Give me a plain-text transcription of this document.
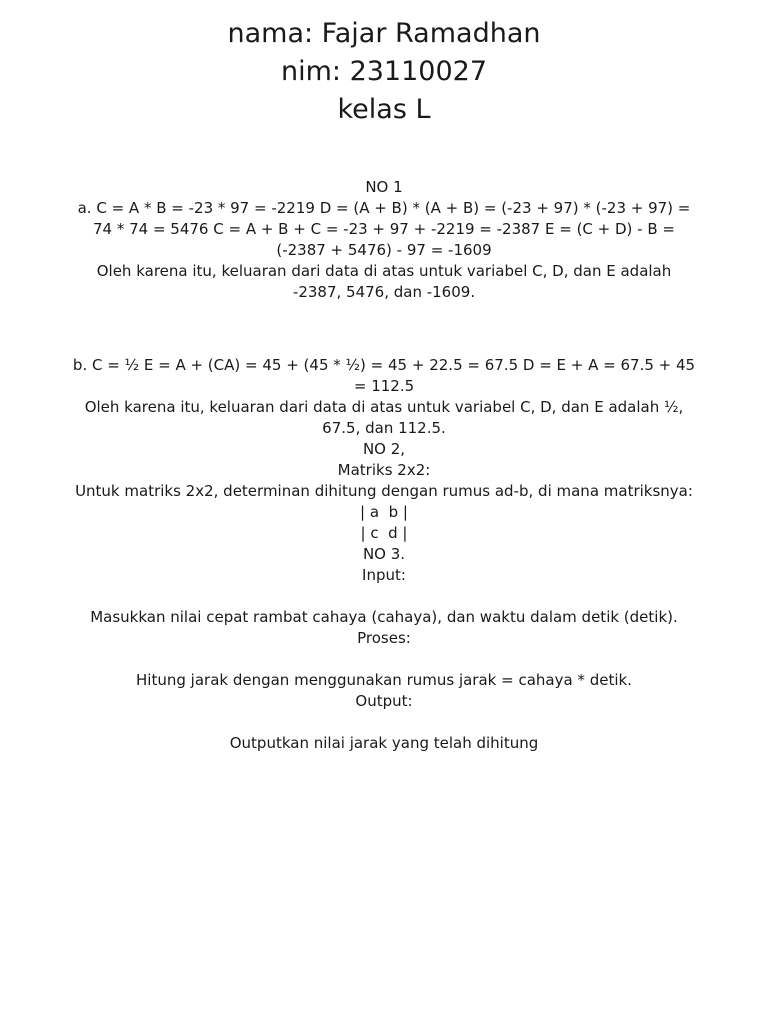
nama: Fajar Ramadhan
nim: 23110027
kelas L
NO 1
a. C = A * B = -23 * 97 = -2219 D = (A + B) * (A + B) = (-23 + 97) * (-23 + 97) = 74 * 74 = 5476 C = A + B + C = -23 + 97 + -2219 = -2387 E = (C + D) - B = (-2387 + 5476) - 97 = -1609
Oleh karena itu, keluaran dari data di atas untuk variabel C, D, dan E adalah -2387, 5476, dan -1609.
b. C = ½ E = A + (CA) = 45 + (45 * ½) = 45 + 22.5 = 67.5 D = E + A = 67.5 + 45 = 112.5
Oleh karena itu, keluaran dari data di atas untuk variabel C, D, dan E adalah ½, 67.5, dan 112.5.
NO 2,
Matriks 2x2:
Untuk matriks 2x2, determinan dihitung dengan rumus ad-b, di mana matriksnya:
| a  b |
| c  d |
NO 3.
Input:
Masukkan nilai cepat rambat cahaya (cahaya), dan waktu dalam detik (detik).
Proses:
Hitung jarak dengan menggunakan rumus jarak = cahaya * detik.
Output:
Outputkan nilai jarak yang telah dihitung
